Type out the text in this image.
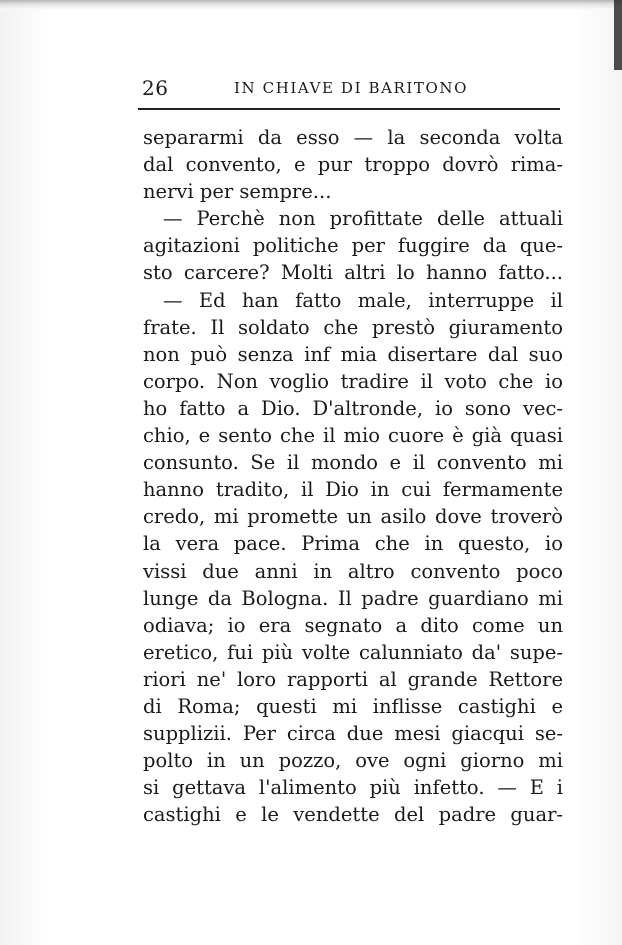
26	IN CHIAVE DI BARITONO
separarmi da esso — la seconda volta
dal convento, e pur troppo dovrò rima-
nervi per sempre...
— Perchè non profittate delle attuali
agitazioni politiche per fuggire da que-
sto carcere? Molti altri lo hanno fatto...
— Ed han fatto male, interruppe il
frate. Il soldato che prestò giuramento
non può senza inf mia disertare dal suo
corpo. Non voglio tradire il voto che io
ho fatto a Dio. D'altronde, io sono vec-
chio, e sento che il mio cuore è già quasi
consunto. Se il mondo e il convento mi
hanno tradito, il Dio in cui fermamente
credo, mi promette un asilo dove troverò
la vera pace. Prima che in questo, io
vissi due anni in altro convento poco
lunge da Bologna. Il padre guardiano mi
odiava; io era segnato a dito come un
eretico, fui più volte calunniato da' supe-
riori ne' loro rapporti al grande Rettore
di Roma; questi mi inflisse castighi e
supplizii. Per circa due mesi giacqui se-
polto in un pozzo, ove ogni giorno mi
si gettava l'alimento più infetto. — E i
castighi e le vendette del padre guar-
